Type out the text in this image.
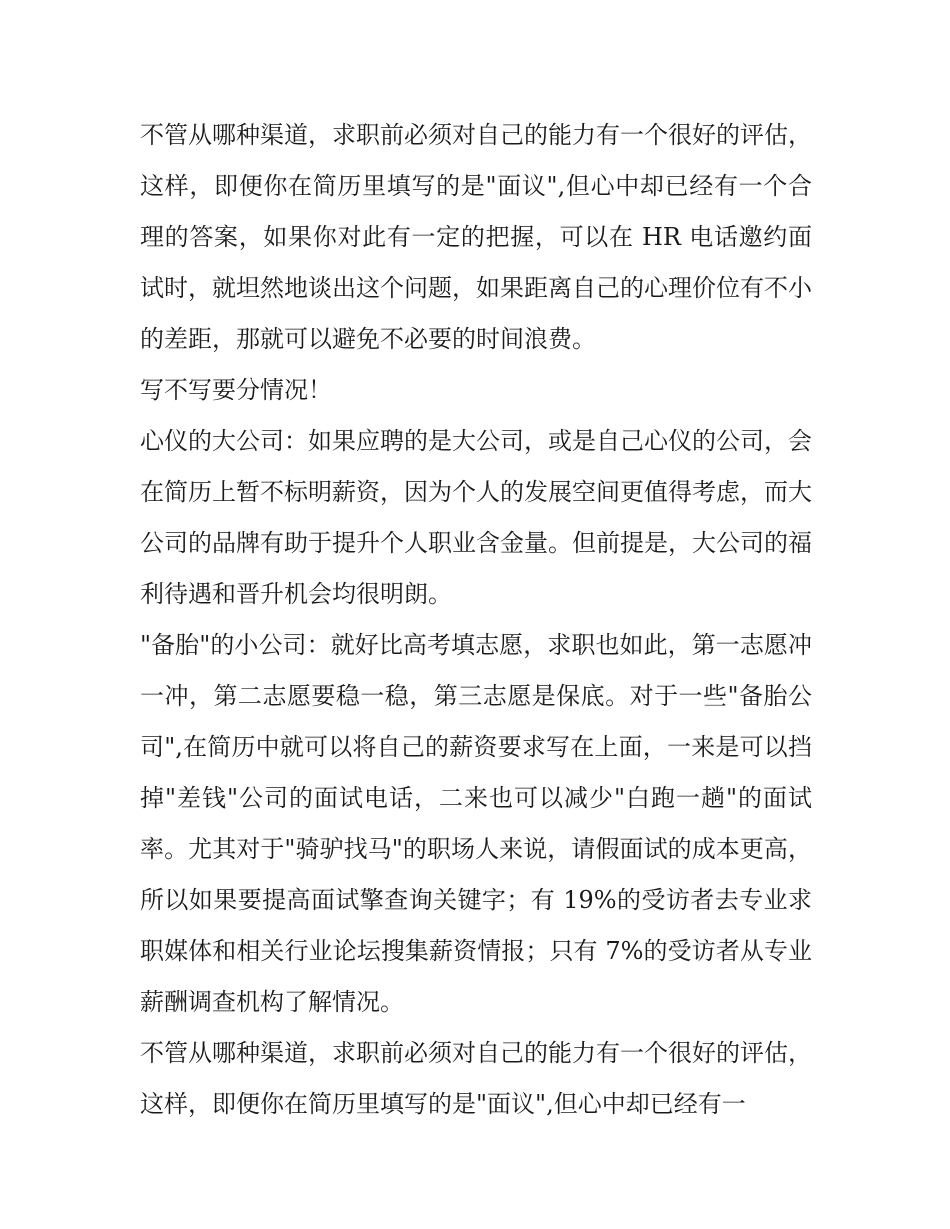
不管从哪种渠道，求职前必须对自己的能力有一个很好的评估，这样，即便你在简历里填写的是"面议",但心中却已经有一个合理的答案，如果你对此有一定的把握，可以在 HR 电话邀约面试时，就坦然地谈出这个问题，如果距离自己的心理价位有不小的差距，那就可以避免不必要的时间浪费。

写不写要分情况！

心仪的大公司：如果应聘的是大公司，或是自己心仪的公司，会在简历上暂不标明薪资，因为个人的发展空间更值得考虑，而大公司的品牌有助于提升个人职业含金量。但前提是，大公司的福利待遇和晋升机会均很明朗。

"备胎"的小公司：就好比高考填志愿，求职也如此，第一志愿冲一冲，第二志愿要稳一稳，第三志愿是保底。对于一些"备胎公司",在简历中就可以将自己的薪资要求写在上面，一来是可以挡掉"差钱"公司的面试电话，二来也可以减少"白跑一趟"的面试率。尤其对于"骑驴找马"的职场人来说，请假面试的成本更高，所以如果要提高面试擎查询关键字；有 19%的受访者去专业求职媒体和相关行业论坛搜集薪资情报；只有 7%的受访者从专业薪酬调查机构了解情况。

不管从哪种渠道，求职前必须对自己的能力有一个很好的评估，这样，即便你在简历里填写的是"面议",但心中却已经有一
